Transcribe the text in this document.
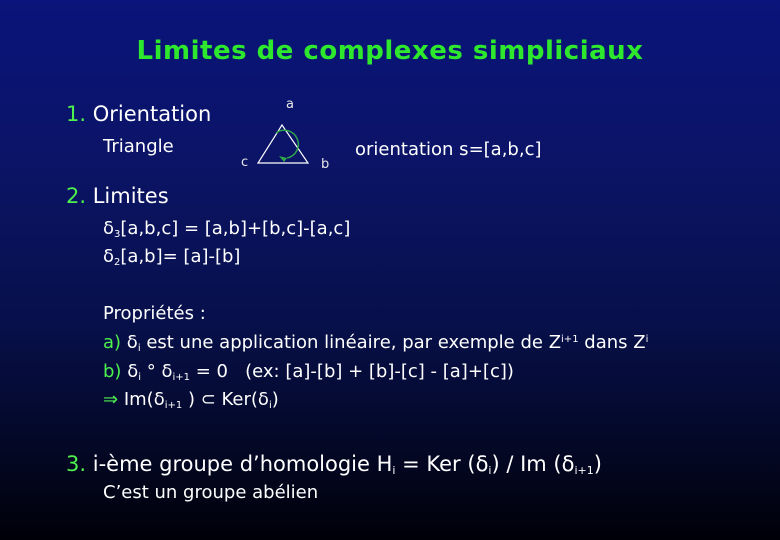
Limites de complexes simpliciaux
1. Orientation
Triangle
a
c	b
orientation s=[a,b,c]
2. Limites
$\delta_3[a,b,c] = [a,b]+[b,c]-[a,c]$
$\delta_2[a,b]= [a]-[b]$
Propriétés :
a) $\delta_i$ est une application linéaire, par exemple de $Z^{i+1}$ dans $Z^i$
b) $\delta_i$ ° $\delta_{i+1} = 0$   (ex: [a]-[b] + [b]-[c] - [a]+[c])
⇒ $Im(\delta_{i+1}$ ) ⊂ $Ker(\delta_i)$
3. i-ème groupe d’homologie $H_i$ = Ker $(\delta_i)$ / Im $(\delta_{i+1})$
C’est un groupe abélien
